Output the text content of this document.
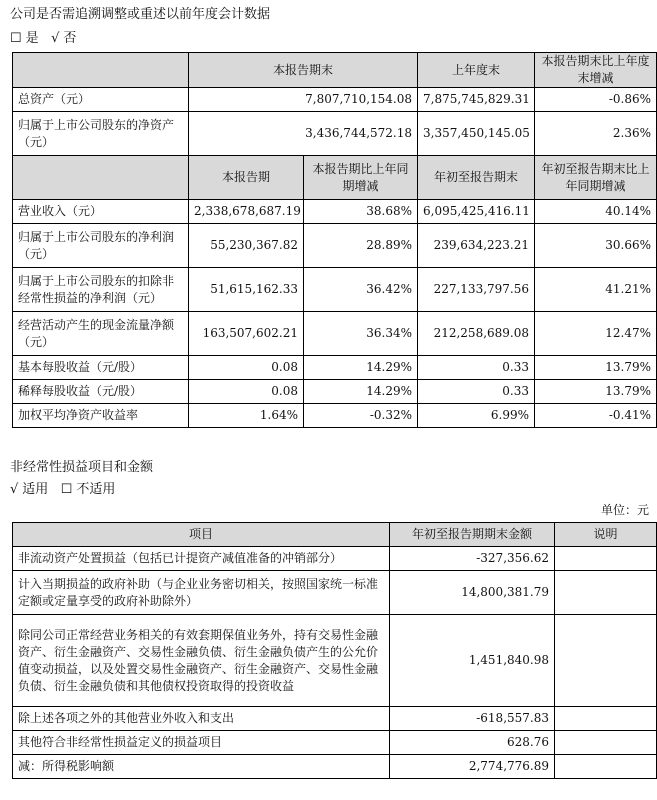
公司是否需追溯调整或重述以前年度会计数据
☐ 是 √ 否
	本报告期末		上年度末	本报告期末比上年度末增减
总资产（元）	7,807,710,154.08		7,875,745,829.31	-0.86%
归属于上市公司股东的净资产（元）	3,436,744,572.18		3,357,450,145.05	2.36%
	本报告期	本报告期比上年同期增减	年初至报告期末	年初至报告期末比上年同期增减
营业收入（元）	2,338,678,687.19	38.68%	6,095,425,416.11	40.14%
归属于上市公司股东的净利润（元）	55,230,367.82	28.89%	239,634,223.21	30.66%
归属于上市公司股东的扣除非经常性损益的净利润（元）	51,615,162.33	36.42%	227,133,797.56	41.21%
经营活动产生的现金流量净额（元）	163,507,602.21	36.34%	212,258,689.08	12.47%
基本每股收益（元/股）	0.08	14.29%	0.33	13.79%
稀释每股收益（元/股）	0.08	14.29%	0.33	13.79%
加权平均净资产收益率	1.64%	-0.32%	6.99%	-0.41%
非经常性损益项目和金额
√ 适用 ☐ 不适用
单位：元
项目	年初至报告期期末金额	说明
非流动资产处置损益（包括已计提资产减值准备的冲销部分）	-327,356.62	
计入当期损益的政府补助（与企业业务密切相关，按照国家统一标准定额或定量享受的政府补助除外）	14,800,381.79	
除同公司正常经营业务相关的有效套期保值业务外，持有交易性金融资产、衍生金融资产、交易性金融负债、衍生金融负债产生的公允价值变动损益，以及处置交易性金融资产、衍生金融资产、交易性金融负债、衍生金融负债和其他债权投资取得的投资收益	1,451,840.98	
除上述各项之外的其他营业外收入和支出	-618,557.83	
其他符合非经常性损益定义的损益项目	628.76	
减：所得税影响额	2,774,776.89	
